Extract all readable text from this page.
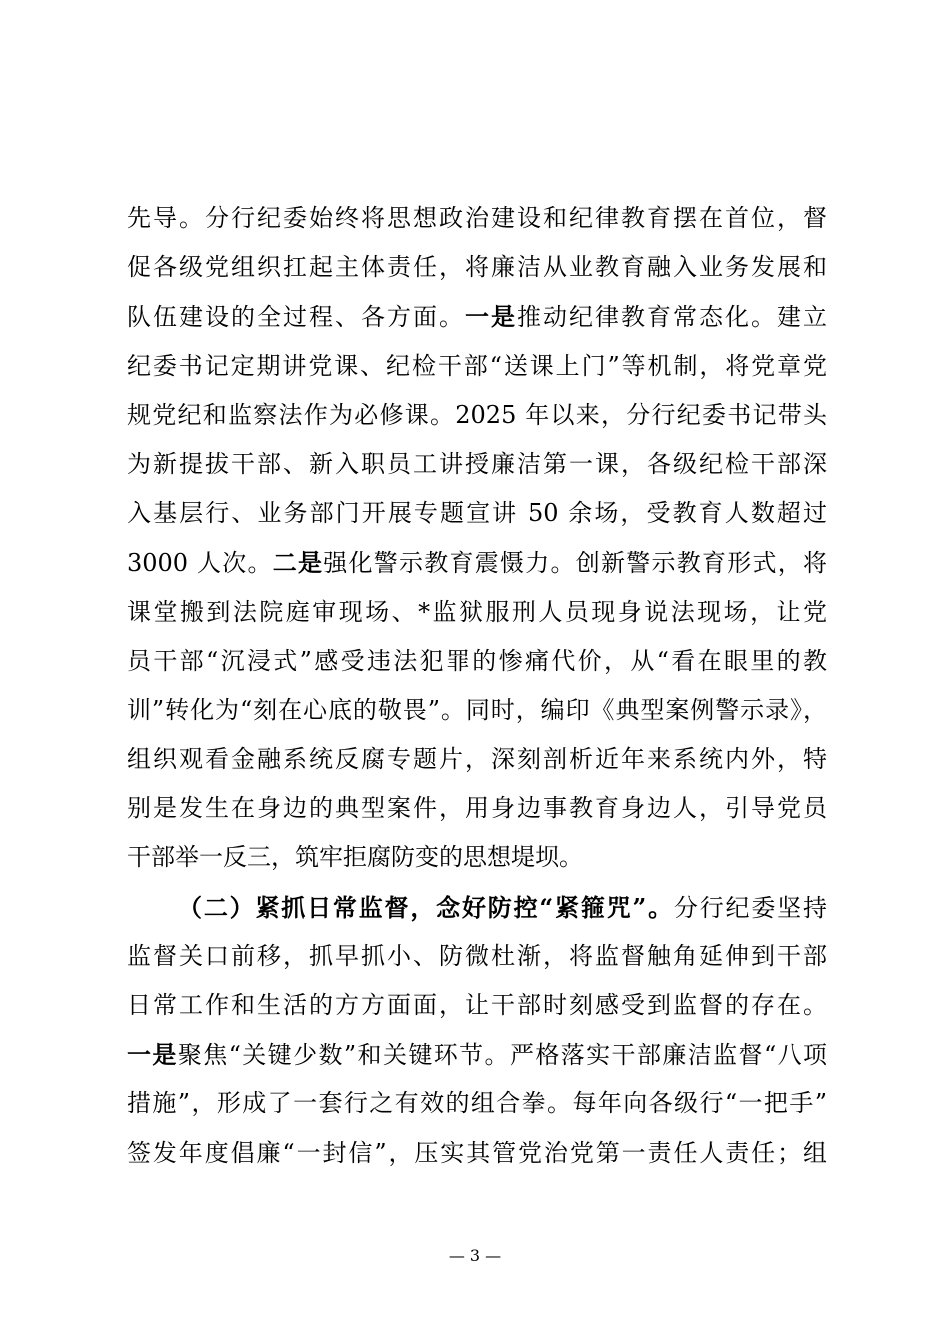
先导。分行纪委始终将思想政治建设和纪律教育摆在首位，督
促各级党组织扛起主体责任，将廉洁从业教育融入业务发展和
队伍建设的全过程、各方面。一是推动纪律教育常态化。建立
纪委书记定期讲党课、纪检干部“送课上门”等机制，将党章党
规党纪和监察法作为必修课。2025 年以来，分行纪委书记带头
为新提拔干部、新入职员工讲授廉洁第一课，各级纪检干部深
入基层行、业务部门开展专题宣讲 50 余场，受教育人数超过
3000 人次。二是强化警示教育震慑力。创新警示教育形式，将
课堂搬到法院庭审现场、*监狱服刑人员现身说法现场，让党
员干部“沉浸式”感受违法犯罪的惨痛代价，从“看在眼里的教
训”转化为“刻在心底的敬畏”。同时，编印《典型案例警示录》，
组织观看金融系统反腐专题片，深刻剖析近年来系统内外，特
别是发生在身边的典型案件，用身边事教育身边人，引导党员
干部举一反三，筑牢拒腐防变的思想堤坝。
（二）紧抓日常监督，念好防控“紧箍咒”。分行纪委坚持
监督关口前移，抓早抓小、防微杜渐，将监督触角延伸到干部
日常工作和生活的方方面面，让干部时刻感受到监督的存在。
一是聚焦“关键少数”和关键环节。严格落实干部廉洁监督“八项
措施”，形成了一套行之有效的组合拳。每年向各级行“一把手”
签发年度倡廉“一封信”，压实其管党治党第一责任人责任；组
— 3 —
